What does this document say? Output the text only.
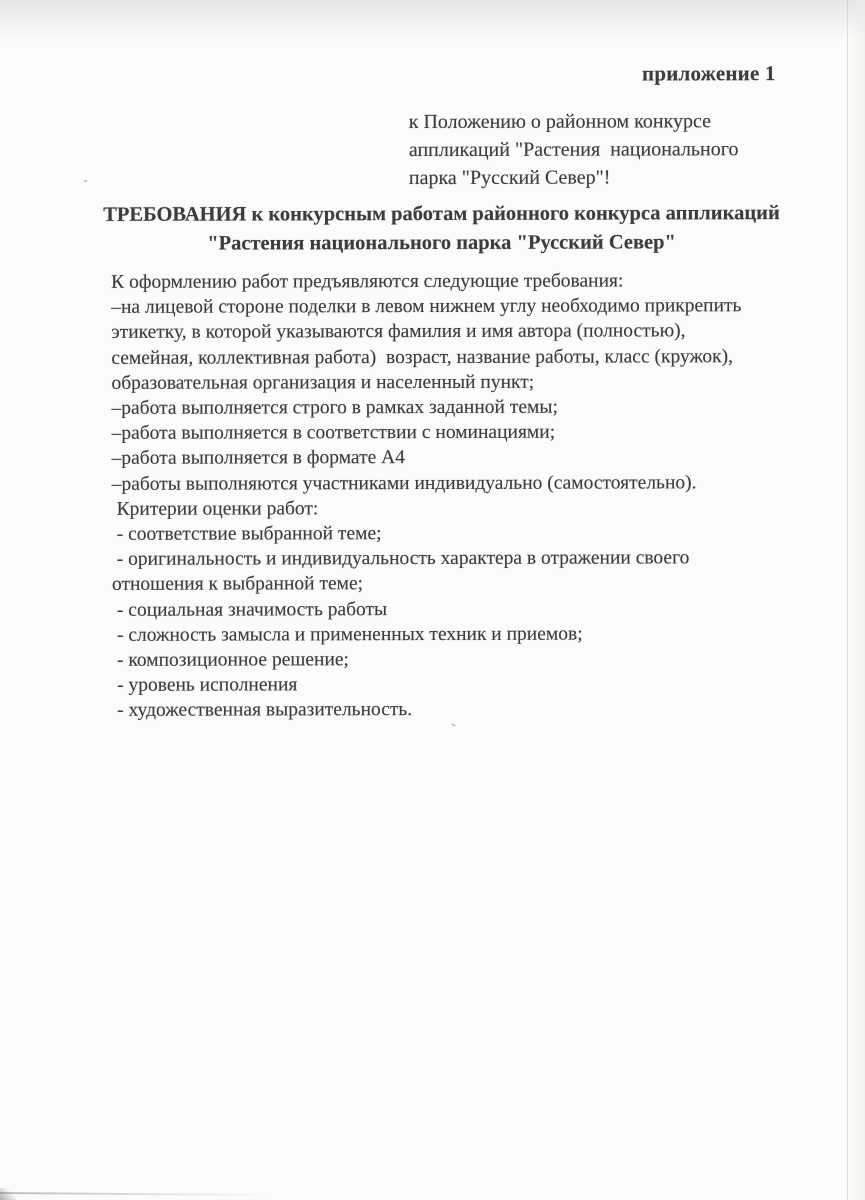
приложение 1
к Положению о районном конкурсе
аппликаций "Растения  национального
парка "Русский Север"!
ТРЕБОВАНИЯ к конкурсным работам районного конкурса аппликаций
"Растения национального парка "Русский Север"
К оформлению работ предъявляются следующие требования:
–на лицевой стороне поделки в левом нижнем углу необходимо прикрепить
этикетку, в которой указываются фамилия и имя автора (полностью),
семейная, коллективная работа)  возраст, название работы, класс (кружок),
образовательная организация и населенный пункт;
–работа выполняется строго в рамках заданной темы;
–работа выполняется в соответствии с номинациями;
–работа выполняется в формате А4
–работы выполняются участниками индивидуально (самостоятельно).
Критерии оценки работ:
- соответствие выбранной теме;
- оригинальность и индивидуальность характера в отражении своего
отношения к выбранной теме;
- социальная значимость работы
- сложность замысла и примененных техник и приемов;
- композиционное решение;
- уровень исполнения
- художественная выразительность.
